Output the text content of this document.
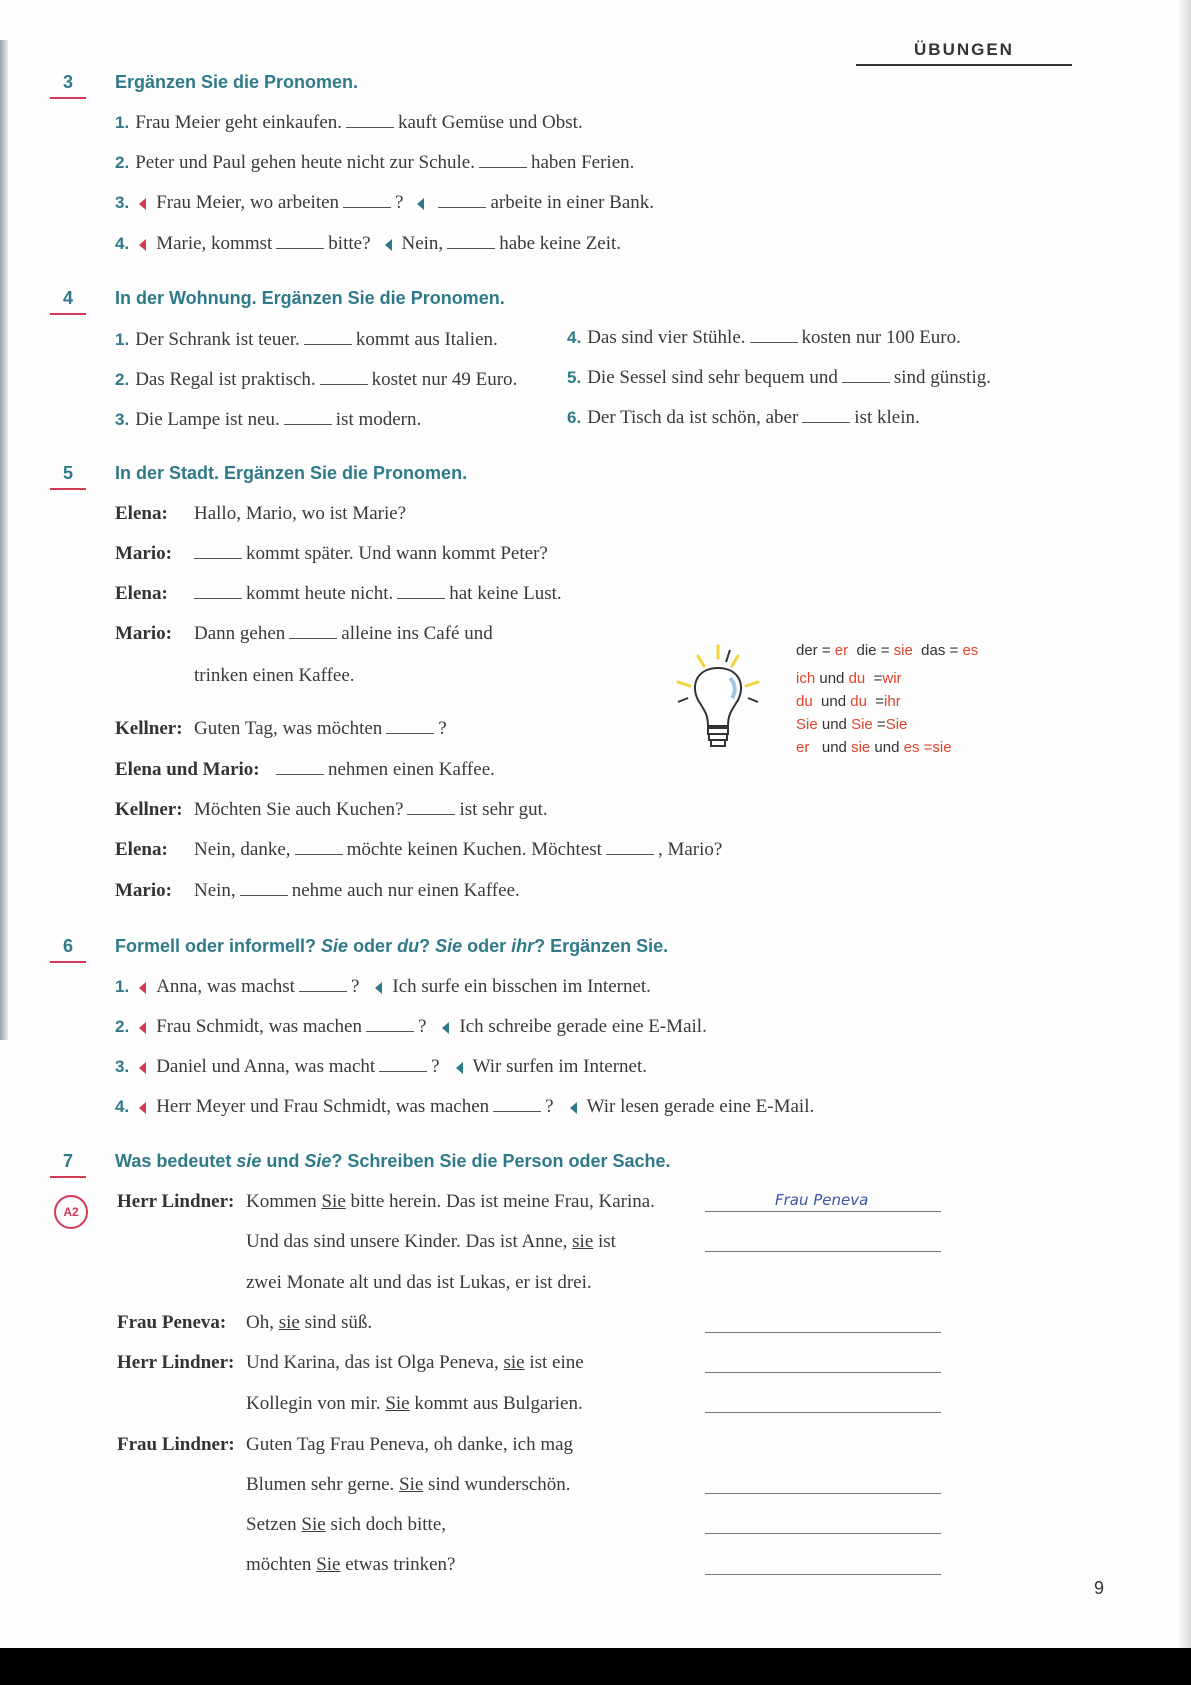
ÜBUNGEN
3	Ergänzen Sie die Pronomen.
1. Frau Meier geht einkaufen.	kauft Gemüse und Obst.
2. Peter und Paul gehen heute nicht zur Schule.	haben Ferien.
3. Frau Meier, wo arbeiten	?	arbeite in einer Bank.
4. Marie, kommst	bitte? Nein,	habe keine Zeit.
4	In der Wohnung. Ergänzen Sie die Pronomen.
1. Der Schrank ist teuer.	kommt aus Italien.
2. Das Regal ist praktisch.	kostet nur 49 Euro.
3. Die Lampe ist neu.	ist modern.
4. Das sind vier Stühle.	kosten nur 100 Euro.
5. Die Sessel sind sehr bequem und	sind günstig.
6. Der Tisch da ist schön, aber	ist klein.
5	In der Stadt. Ergänzen Sie die Pronomen.
Elena: Hallo, Mario, wo ist Marie?
Mario:	kommt später. Und wann kommt Peter?
Elena:	kommt heute nicht.	hat keine Lust.
Mario: Dann gehen	alleine ins Café und
trinken einen Kaffee.
Kellner: Guten Tag, was möchten	?
Elena und Mario:	nehmen einen Kaffee.
Kellner: Möchten Sie auch Kuchen?	ist sehr gut.
Elena: Nein, danke,	möchte keinen Kuchen. Möchtest	, Mario?
Mario: Nein,	nehme auch nur einen Kaffee.
der = er die = sie das = es
ich und du =wir
du und du =ihr
Sie und Sie =Sie
er und sie und es =sie
6	Formell oder informell? Sie oder du? Sie oder ihr? Ergänzen Sie.
1. Anna, was machst	? Ich surfe ein bisschen im Internet.
2. Frau Schmidt, was machen	? Ich schreibe gerade eine E-Mail.
3. Daniel und Anna, was macht	? Wir surfen im Internet.
4. Herr Meyer und Frau Schmidt, was machen	? Wir lesen gerade eine E-Mail.
7	Was bedeutet sie und Sie? Schreiben Sie die Person oder Sache.
A2	Herr Lindner: Kommen Sie bitte herein. Das ist meine Frau, Karina.	Frau Peneva
Und das sind unsere Kinder. Das ist Anne, sie ist
zwei Monate alt und das ist Lukas, er ist drei.
Frau Peneva: Oh, sie sind süß.
Herr Lindner: Und Karina, das ist Olga Peneva, sie ist eine
Kollegin von mir. Sie kommt aus Bulgarien.
Frau Lindner: Guten Tag Frau Peneva, oh danke, ich mag
Blumen sehr gerne. Sie sind wunderschön.
Setzen Sie sich doch bitte,
möchten Sie etwas trinken?
9
